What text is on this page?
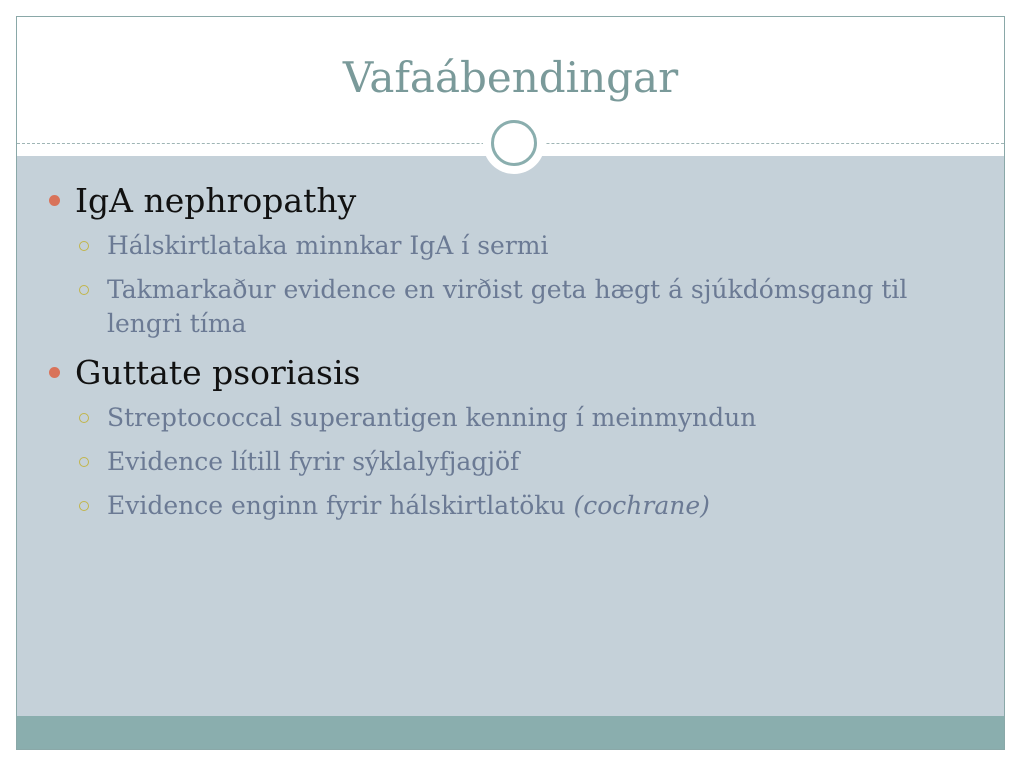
Vafaábendingar
IgA nephropathy
Hálskirtlataka minnkar IgA í sermi
Takmarkaður evidence en virðist geta hægt á sjúkdómsgang til lengri tíma
Guttate psoriasis
Streptococcal superantigen kenning í meinmyndun
Evidence lítill fyrir sýklalyfjagjöf
Evidence enginn fyrir hálskirtlatöku (cochrane)
